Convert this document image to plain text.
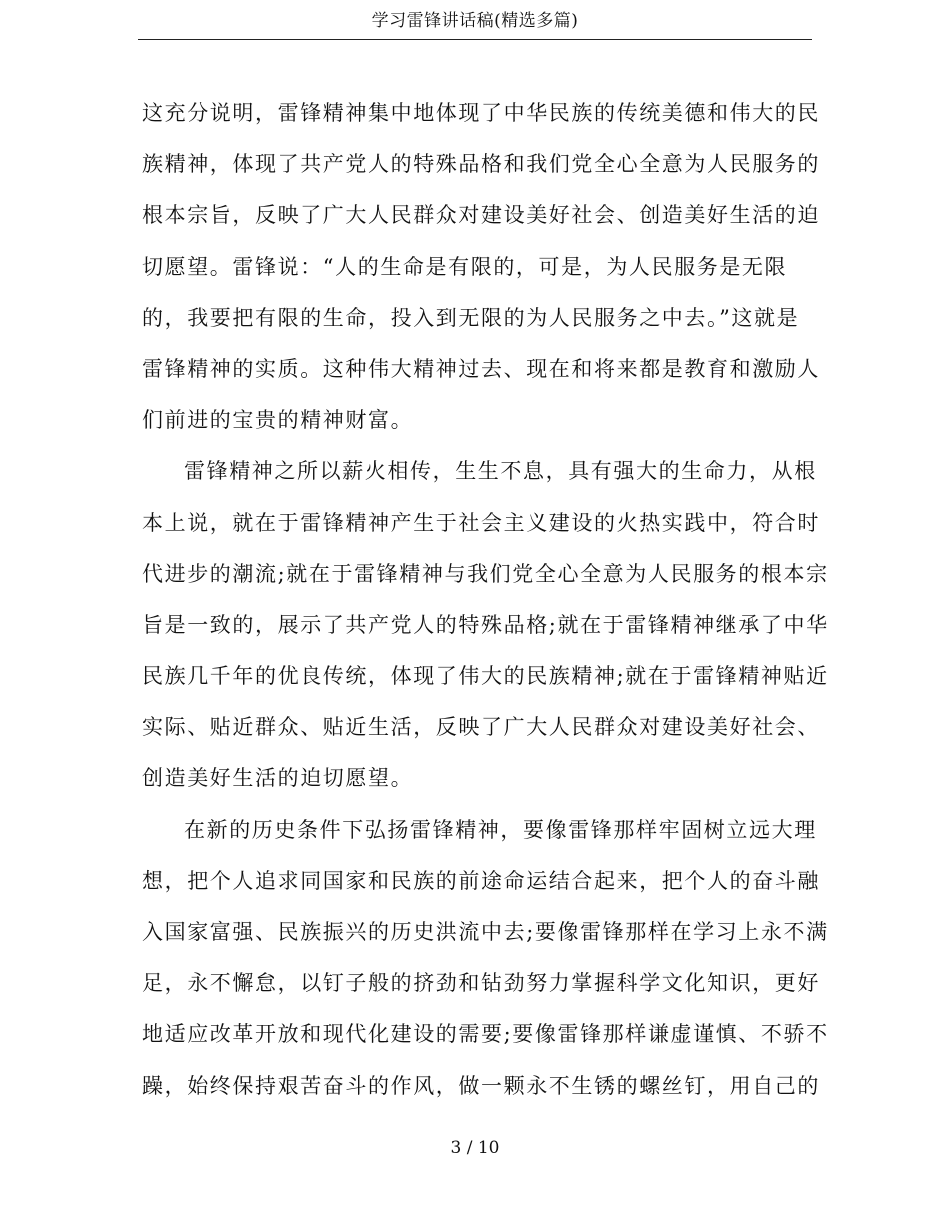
学习雷锋讲话稿(精选多篇)
这充分说明，雷锋精神集中地体现了中华民族的传统美德和伟大的民
族精神，体现了共产党人的特殊品格和我们党全心全意为人民服务的
根本宗旨，反映了广大人民群众对建设美好社会、创造美好生活的迫
切愿望。雷锋说：“人的生命是有限的，可是，为人民服务是无限
的，我要把有限的生命，投入到无限的为人民服务之中去。”这就是
雷锋精神的实质。这种伟大精神过去、现在和将来都是教育和激励人
们前进的宝贵的精神财富。
雷锋精神之所以薪火相传，生生不息，具有强大的生命力，从根
本上说，就在于雷锋精神产生于社会主义建设的火热实践中，符合时
代进步的潮流;就在于雷锋精神与我们党全心全意为人民服务的根本宗
旨是一致的，展示了共产党人的特殊品格;就在于雷锋精神继承了中华
民族几千年的优良传统，体现了伟大的民族精神;就在于雷锋精神贴近
实际、贴近群众、贴近生活，反映了广大人民群众对建设美好社会、
创造美好生活的迫切愿望。
在新的历史条件下弘扬雷锋精神，要像雷锋那样牢固树立远大理
想，把个人追求同国家和民族的前途命运结合起来，把个人的奋斗融
入国家富强、民族振兴的历史洪流中去;要像雷锋那样在学习上永不满
足，永不懈怠，以钉子般的挤劲和钻劲努力掌握科学文化知识，更好
地适应改革开放和现代化建设的需要;要像雷锋那样谦虚谨慎、不骄不
躁，始终保持艰苦奋斗的作风，做一颗永不生锈的螺丝钉，用自己的
3 / 10
